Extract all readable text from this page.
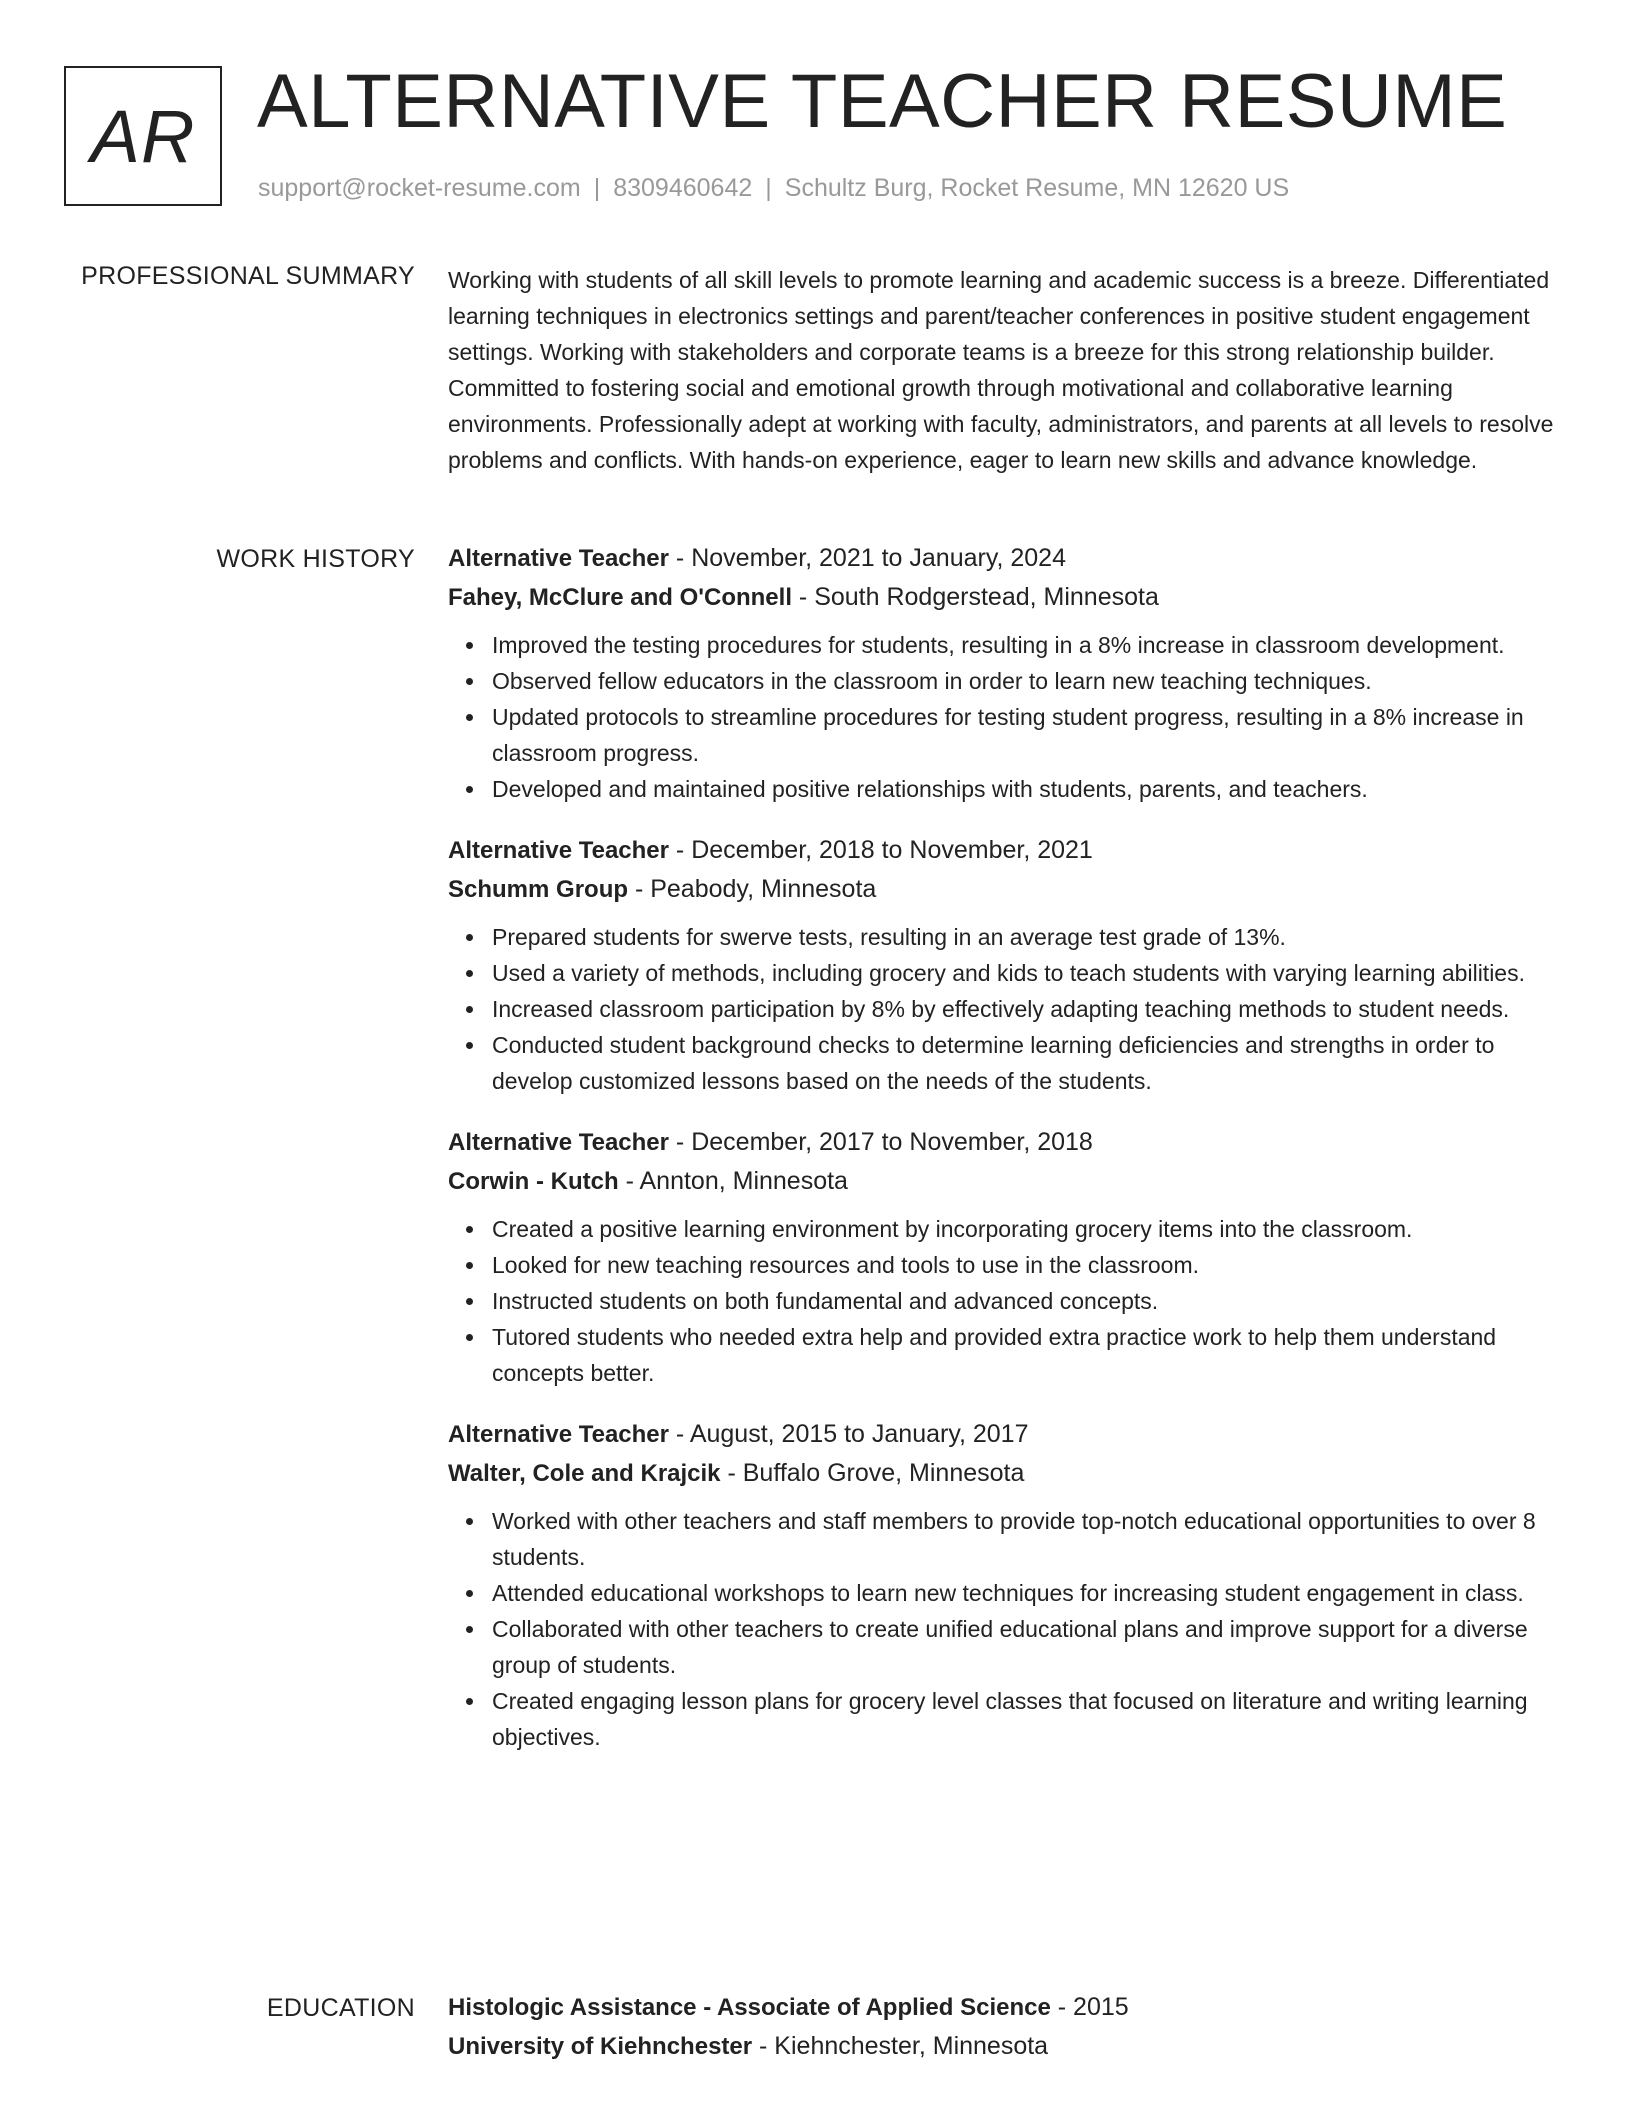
AR ALTERNATIVE TEACHER RESUME
support@rocket-resume.com | 8309460642 | Schultz Burg, Rocket Resume, MN 12620 US
PROFESSIONAL SUMMARY Working with students of all skill levels to promote learning and academic success is a breeze. Differentiated learning techniques in electronics settings and parent/teacher conferences in positive student engagement settings. Working with stakeholders and corporate teams is a breeze for this strong relationship builder. Committed to fostering social and emotional growth through motivational and collaborative learning environments. Professionally adept at working with faculty, administrators, and parents at all levels to resolve problems and conflicts. With hands-on experience, eager to learn new skills and advance knowledge.

WORK HISTORY Alternative Teacher - November, 2021 to January, 2024
Fahey, McClure and O'Connell - South Rodgerstead, Minnesota
Improved the testing procedures for students, resulting in a 8% increase in classroom development.
Observed fellow educators in the classroom in order to learn new teaching techniques.
Updated protocols to streamline procedures for testing student progress, resulting in a 8% increase in classroom progress.
Developed and maintained positive relationships with students, parents, and teachers.
Alternative Teacher - December, 2018 to November, 2021
Schumm Group - Peabody, Minnesota
Prepared students for swerve tests, resulting in an average test grade of 13%.
Used a variety of methods, including grocery and kids to teach students with varying learning abilities.
Increased classroom participation by 8% by effectively adapting teaching methods to student needs.
Conducted student background checks to determine learning deficiencies and strengths in order to develop customized lessons based on the needs of the students.
Alternative Teacher - December, 2017 to November, 2018
Corwin - Kutch - Annton, Minnesota
Created a positive learning environment by incorporating grocery items into the classroom.
Looked for new teaching resources and tools to use in the classroom.
Instructed students on both fundamental and advanced concepts.
Tutored students who needed extra help and provided extra practice work to help them understand concepts better.
Alternative Teacher - August, 2015 to January, 2017
Walter, Cole and Krajcik - Buffalo Grove, Minnesota
Worked with other teachers and staff members to provide top-notch educational opportunities to over 8 students.
Attended educational workshops to learn new techniques for increasing student engagement in class.
Collaborated with other teachers to create unified educational plans and improve support for a diverse group of students.
Created engaging lesson plans for grocery level classes that focused on literature and writing learning objectives.
EDUCATION Histologic Assistance - Associate of Applied Science - 2015
University of Kiehnchester - Kiehnchester, Minnesota
